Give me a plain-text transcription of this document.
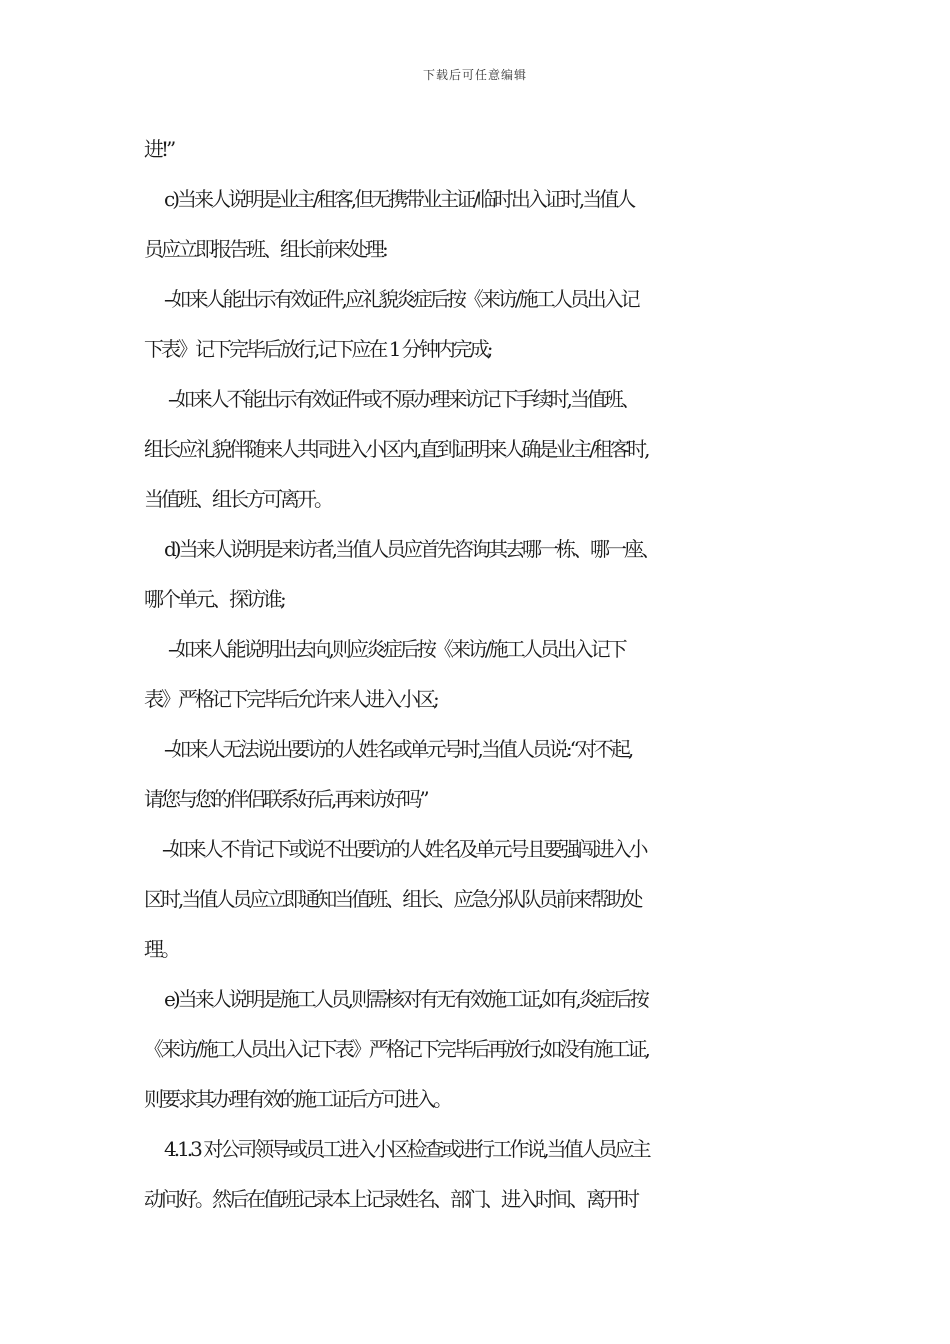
下载后可任意编辑
进!”
c)当来人说明是业主/租客,但无携带业主证/临时出入证时,当值人
员应立即报告班、组长前来处理:
--如来人能出示有效证件,应礼貌炎症后按《来访/施工人员出入记
下表》记下完毕后放行,记下应在 1 分钟内完成;
--如来人不能出示有效证件或不原办理来访记下手续时,当值班、
组长应礼貌伴随来人共同进入小区内,直到证明来人确是业主/租客时,
当值班、组长方可离开。
d)当来人说明是来访者,当值人员应首先咨询其去哪一栋、哪一座、
哪个单元、探访谁;
--如来人能说明出去向,则应炎症后按《来访/施工人员出入记下
表》严格记下完毕后允许来人进入小区;
--如来人无法说出要访的人姓名或单元号时,当值人员说:“对不起,
请您与您的伴侣联系好后,再来访好吗”
--如来人不肯记下或说不出要访的人姓名及单元号且要强闯进入小
区时,当值人员应立即通知当值班、组长、应急分队队员前来帮助处
理。
e)当来人说明是施工人员,则需核对有无有效施工证,如有,炎症后按
《来访/施工人员出入记下表》严格记下完毕后再放行;如没有施工证,
则要求其办理有效的施工证后方可进入。
4.1.3 对公司领导或员工进入小区检查或进行工作说,当值人员应主
动问好。然后在值班记录本上记录姓名、部门、进入时间、离开时
